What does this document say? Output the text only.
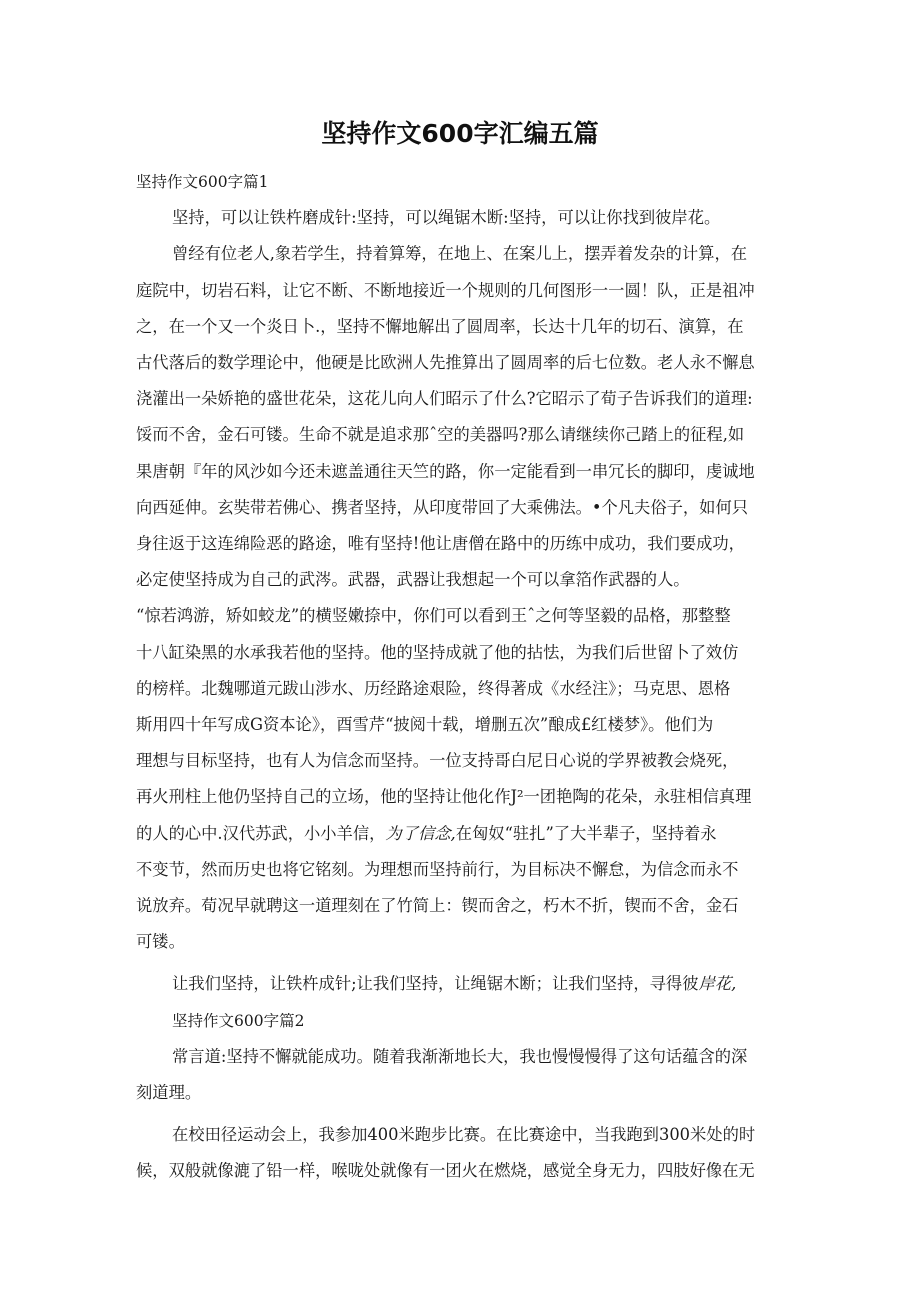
坚持作文600字汇编五篇

坚持作文600字篇1

坚持，可以让铁杵磨成针:坚持，可以绳锯木断:坚持，可以让你找到彼岸花。

曾经有位老人,象若学生，持着算筹，在地上、在案儿上，摆弄着发杂的计算，在

庭院中，切岩石料，让它不断、不断地接近一个规则的几何图形一一圆！队，正是祖冲

之，在一个又一个炎日卜.，坚持不懈地解出了圆周率，长达十几年的切石、演算，在

古代落后的数学理论中，他硬是比欧洲人先推算出了圆周率的后七位数。老人永不懈息

浇灌出一朵娇艳的盛世花朵，这花儿向人们昭示了什么?它昭示了荀子告诉我们的道理:

馁而不舍，金石可镂。生命不就是追求那ˆ空的美器吗?那么请继续你己踏上的征程,如

果唐朝『年的风沙如今还未遮盖通往天竺的路，你一定能看到一串冗长的脚印，虔诚地

向西延伸。玄奘带若佛心、携者坚持，从印度带回了大乘佛法。•个凡夫俗子，如何只

身往返于这连绵险恶的路途，唯有坚持!他让唐僧在路中的历练中成功，我们要成功，

必定使坚持成为自己的武涔。武器，武器让我想起一个可以拿箔作武器的人。

“惊若鸿游，矫如蛟龙”的横竖嫩捺中，你们可以看到王ˆ之何等坚毅的品格，那整整

十八缸染黑的水承我若他的坚持。他的坚持成就了他的拈怯，为我们后世留卜了效仿

的榜样。北魏哪道元跋山涉水、历经路途艰险，终得著成《水经注》；马克思、恩格

斯用四十年写成G资本论》，酉雪芹“披阅十载，增删五次”酿成£红楼梦》。他们为

理想与目标坚持，也有人为信念而坚持。一位支持哥白尼日心说的学界被教会烧死，

再火刑柱上他仍坚持自己的立场，他的坚持让他化作J²一团艳陶的花朵，永驻相信真理

的人的心中.汉代苏武，小小羊信，为了信念,在匈奴“驻扎”了大半辈子，坚持着永

不变节，然而历史也将它铭刻。为理想而坚持前行，为目标决不懈怠，为信念而永不

说放弃。荀况早就聘这一道理刻在了竹简上：锲而舍之，朽木不折，锲而不舍，金石

可镂。

让我们坚持，让铁杵成针;让我们坚持，让绳锯木断；让我们坚持，寻得彼岸花,

坚持作文600字篇2

常言道:坚持不懈就能成功。随着我渐渐地长大，我也慢慢慢得了这句话蕴含的深

刻道理。

在校田径运动会上，我参加400米跑步比赛。在比赛途中，当我跑到300米处的时

候，双般就像漉了铅一样，喉咙处就像有一团火在燃烧，感觉全身无力，四肢好像在无
